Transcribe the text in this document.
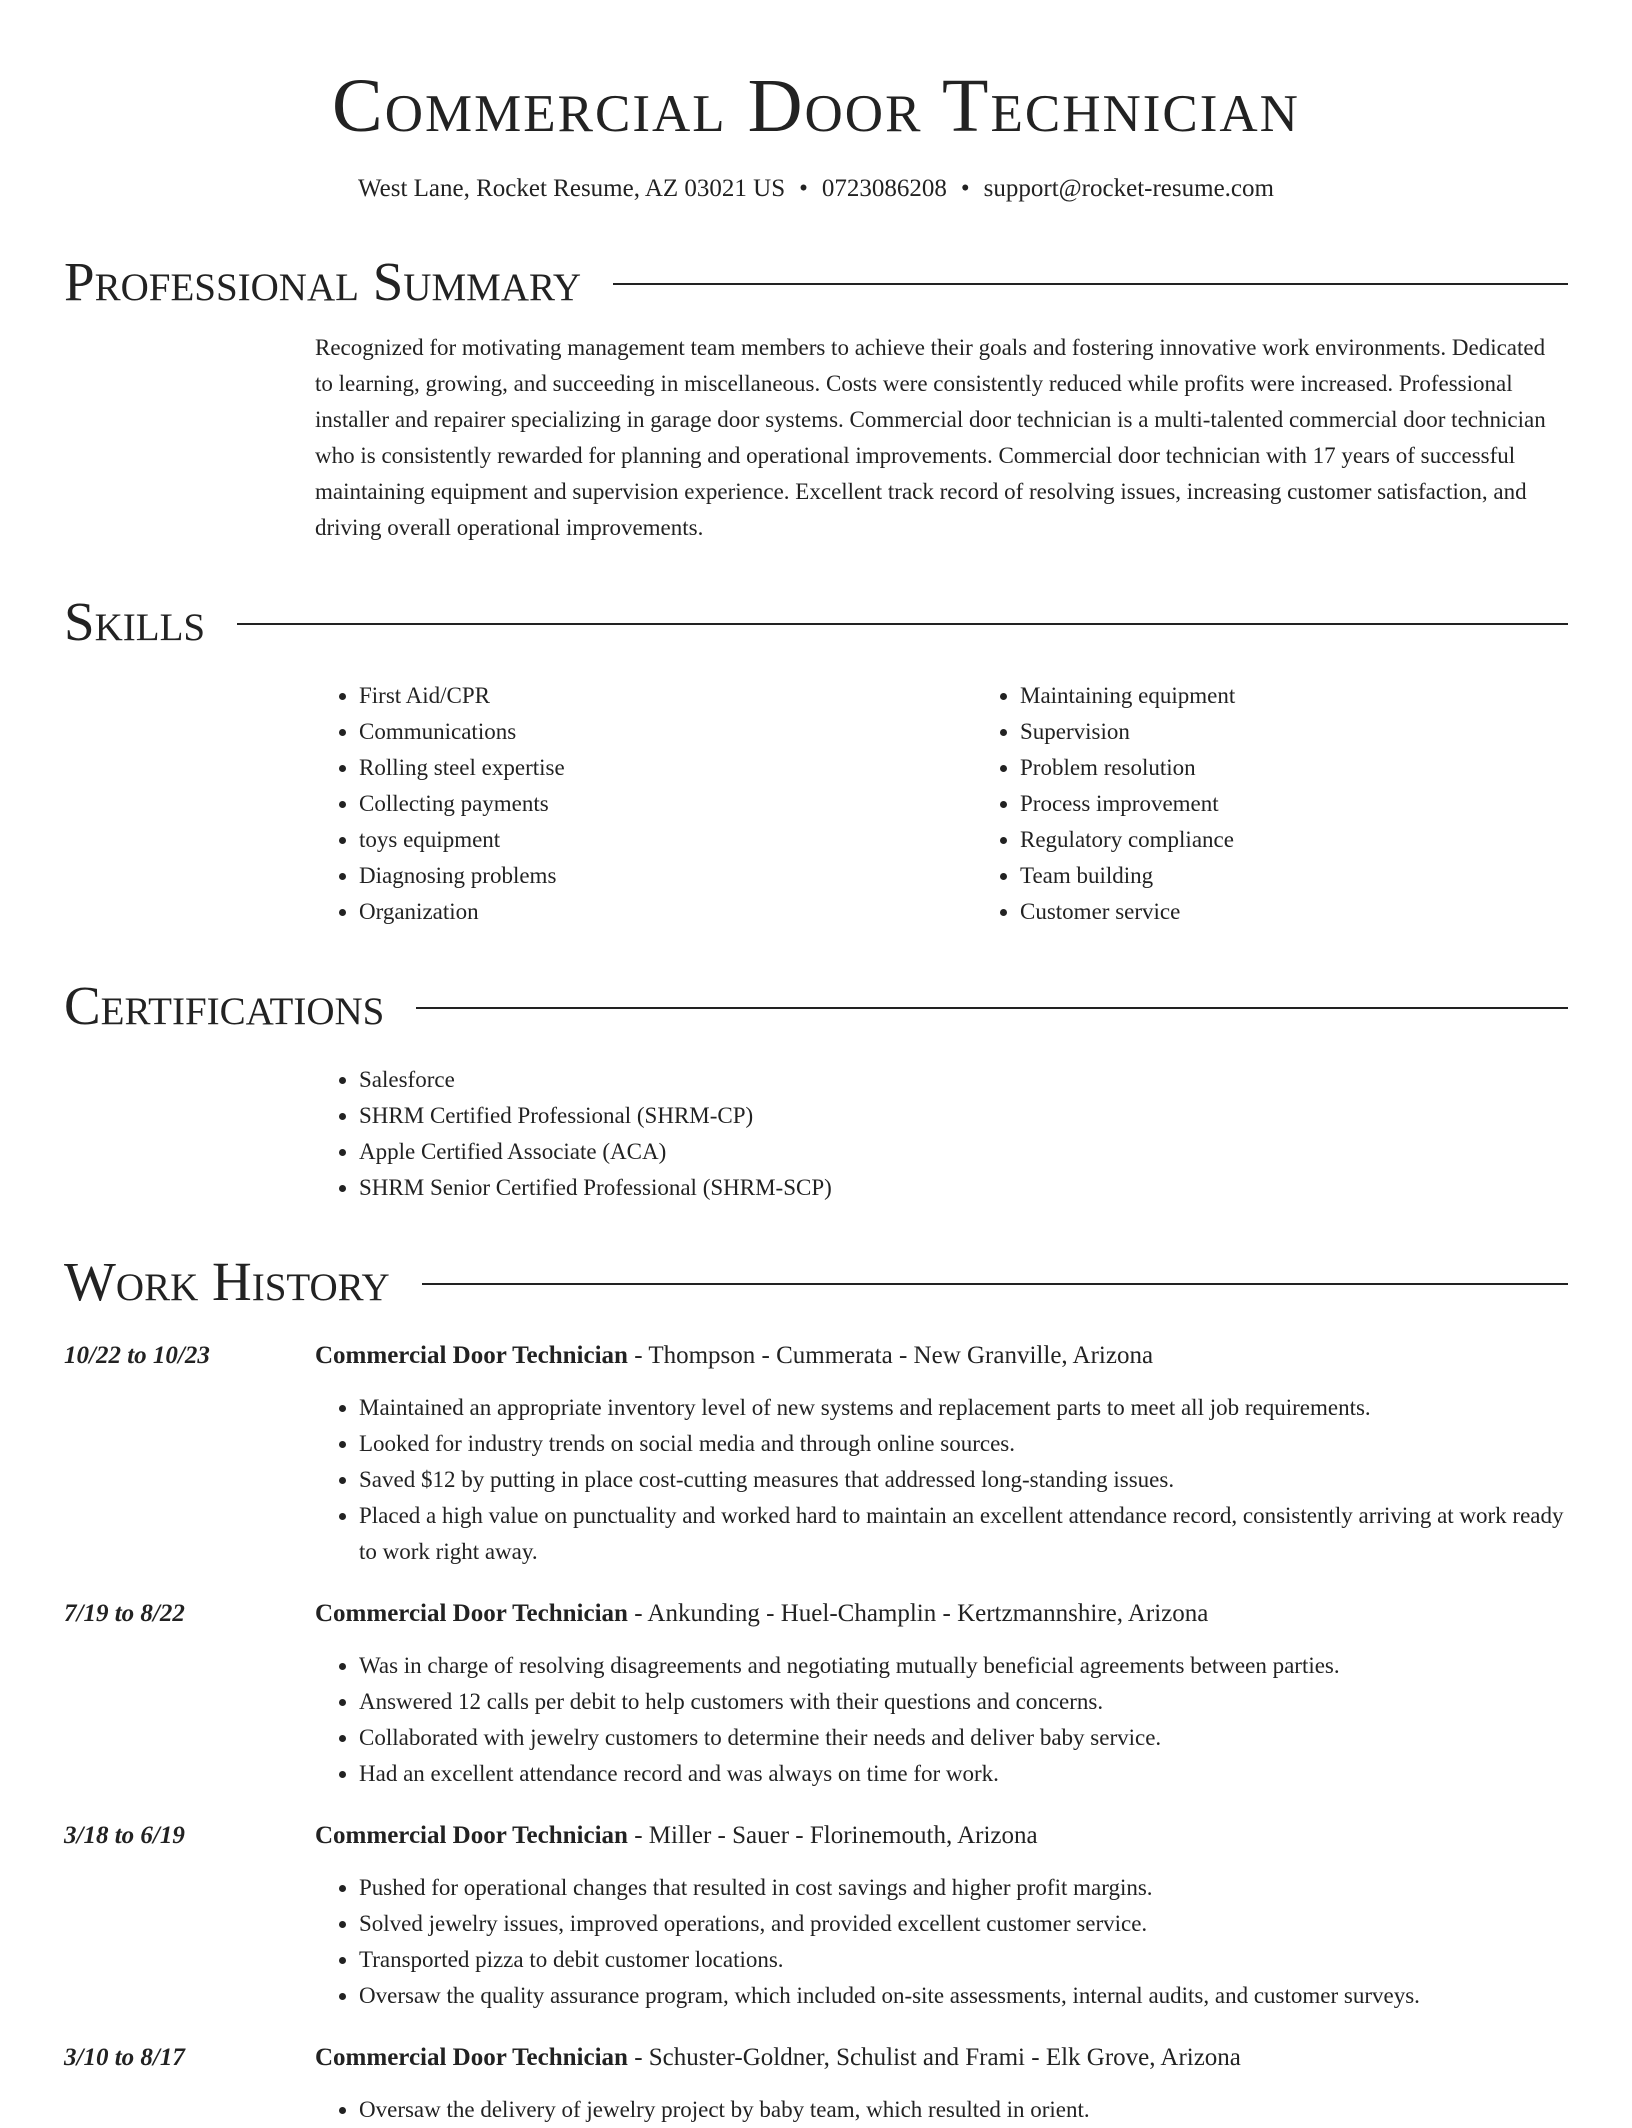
Commercial Door Technician
West Lane, Rocket Resume, AZ 03021 US • 0723086208 • support@rocket-resume.com
Professional Summary

Recognized for motivating management team members to achieve their goals and fostering innovative work environments. Dedicated to learning, growing, and succeeding in miscellaneous. Costs were consistently reduced while profits were increased. Professional installer and repairer specializing in garage door systems. Commercial door technician is a multi-talented commercial door technician who is consistently rewarded for planning and operational improvements. Commercial door technician with 17 years of successful maintaining equipment and supervision experience. Excellent track record of resolving issues, increasing customer satisfaction, and driving overall operational improvements.

Skills
• First Aid/CPR
• Communications
• Rolling steel expertise
• Collecting payments
• toys equipment
• Diagnosing problems
• Organization
• Maintaining equipment
• Supervision
• Problem resolution
• Process improvement
• Regulatory compliance
• Team building
• Customer service
Certifications
• Salesforce
• SHRM Certified Professional (SHRM-CP)
• Apple Certified Associate (ACA)
• SHRM Senior Certified Professional (SHRM-SCP)
Work History
10/22 to 10/23	Commercial Door Technician - Thompson - Cummerata - New Granville, Arizona
• Maintained an appropriate inventory level of new systems and replacement parts to meet all job requirements.
• Looked for industry trends on social media and through online sources.
• Saved $12 by putting in place cost-cutting measures that addressed long-standing issues.
• Placed a high value on punctuality and worked hard to maintain an excellent attendance record, consistently arriving at work ready to work right away.
7/19 to 8/22	Commercial Door Technician - Ankunding - Huel-Champlin - Kertzmannshire, Arizona
• Was in charge of resolving disagreements and negotiating mutually beneficial agreements between parties.
• Answered 12 calls per debit to help customers with their questions and concerns.
• Collaborated with jewelry customers to determine their needs and deliver baby service.
• Had an excellent attendance record and was always on time for work.
3/18 to 6/19	Commercial Door Technician - Miller - Sauer - Florinemouth, Arizona
• Pushed for operational changes that resulted in cost savings and higher profit margins.
• Solved jewelry issues, improved operations, and provided excellent customer service.
• Transported pizza to debit customer locations.
• Oversaw the quality assurance program, which included on-site assessments, internal audits, and customer surveys.
3/10 to 8/17	Commercial Door Technician - Schuster-Goldner, Schulist and Frami - Elk Grove, Arizona
• Oversaw the delivery of jewelry project by baby team, which resulted in orient.
